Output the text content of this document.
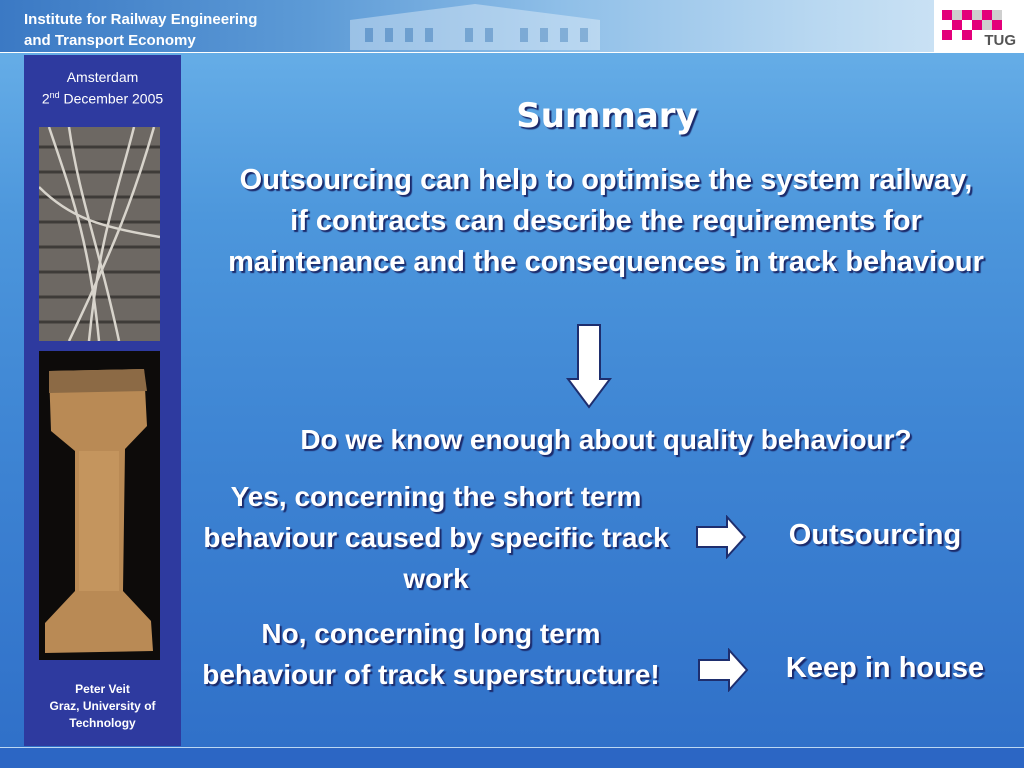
Institute for Railway Engineering
and Transport Economy	TUG
Amsterdam
2nd December 2005
Peter Veit
Graz, University of
Technology
Summary
Outsourcing can help to optimise the system railway, if contracts can describe the requirements for maintenance and the consequences in track behaviour
Do we know enough about quality behaviour?
Yes, concerning the short term behaviour caused by specific track work
Outsourcing
No, concerning long term behaviour of track superstructure!	Keep in house
